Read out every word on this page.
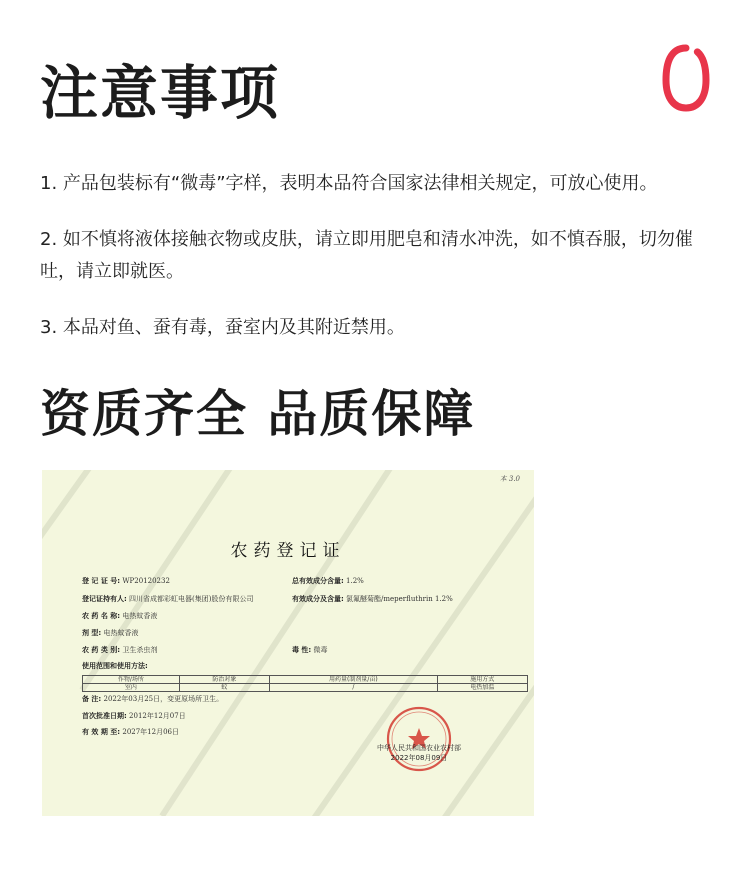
注意事项

1. 产品包装标有“微毒”字样，表明本品符合国家法律相关规定，可放心使用。

2. 如不慎将液体接触衣物或皮肤，请立即用肥皂和清水冲洗，如不慎吞服，切勿催吐，请立即就医。

3. 本品对鱼、蚕有毒，蚕室内及其附近禁用。

资质齐全 品质保障
本 3.0
农药登记证
登 记 证 号: WP20120232	总有效成分含量: 1.2%
登记证持有人: 四川省成都彩虹电器(集团)股份有限公司	有效成分及含量: 氯氟醚菊酯/meperfluthrin 1.2%
农 药 名 称: 电热蚊香液
剂 型: 电热蚊香液
农 药 类 别: 卫生杀虫剂	毒 性: 微毒
使用范围和使用方法:
作物/场所	防治对象	用药量(制剂量/亩)	施用方式
室内	蚊	/	电热加温
备 注: 2022年03月25日，变更原场所卫生。
首次批准日期: 2012年12月07日
有 效 期 至: 2027年12月06日
中华人民共和国农业农村部
2022年08月09日
